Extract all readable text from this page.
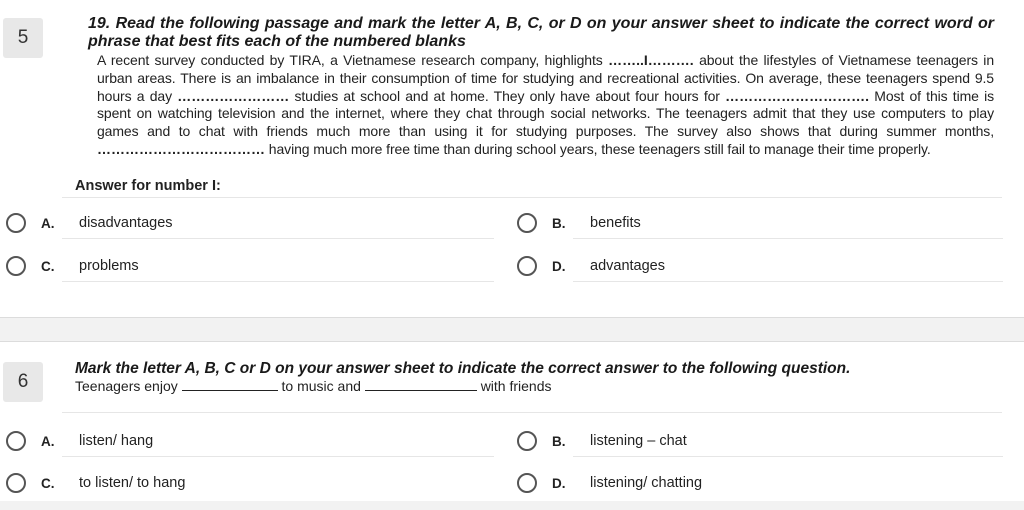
5
19. Read the following passage and mark the letter A, B, C, or D on your answer sheet to indicate the correct word or phrase that best fits each of the numbered blanks
A recent survey conducted by TIRA, a Vietnamese research company, highlights ……..I………. about the lifestyles of Vietnamese teenagers in urban areas. There is an imbalance in their consumption of time for studying and recreational activities. On average, these teenagers spend 9.5 hours a day …………………… studies at school and at home. They only have about four hours for …………………………. Most of this time is spent on watching television and the internet, where they chat through social networks. The teenagers admit that they use computers to play games and to chat with friends much more than using it for studying purposes. The survey also shows that during summer months, ……………………………… having much more free time than during school years, these teenagers still fail to manage their time properly.
Answer for number I:
A.	disadvantages	B.	benefits
C.	problems	D.	advantages
6
Mark the letter A, B, C or D on your answer sheet to indicate the correct answer to the following question.
Teenagers enjoy	to music and	with friends
A.	listen/ hang	B.	listening – chat
C.	to listen/ to hang	D.	listening/ chatting
